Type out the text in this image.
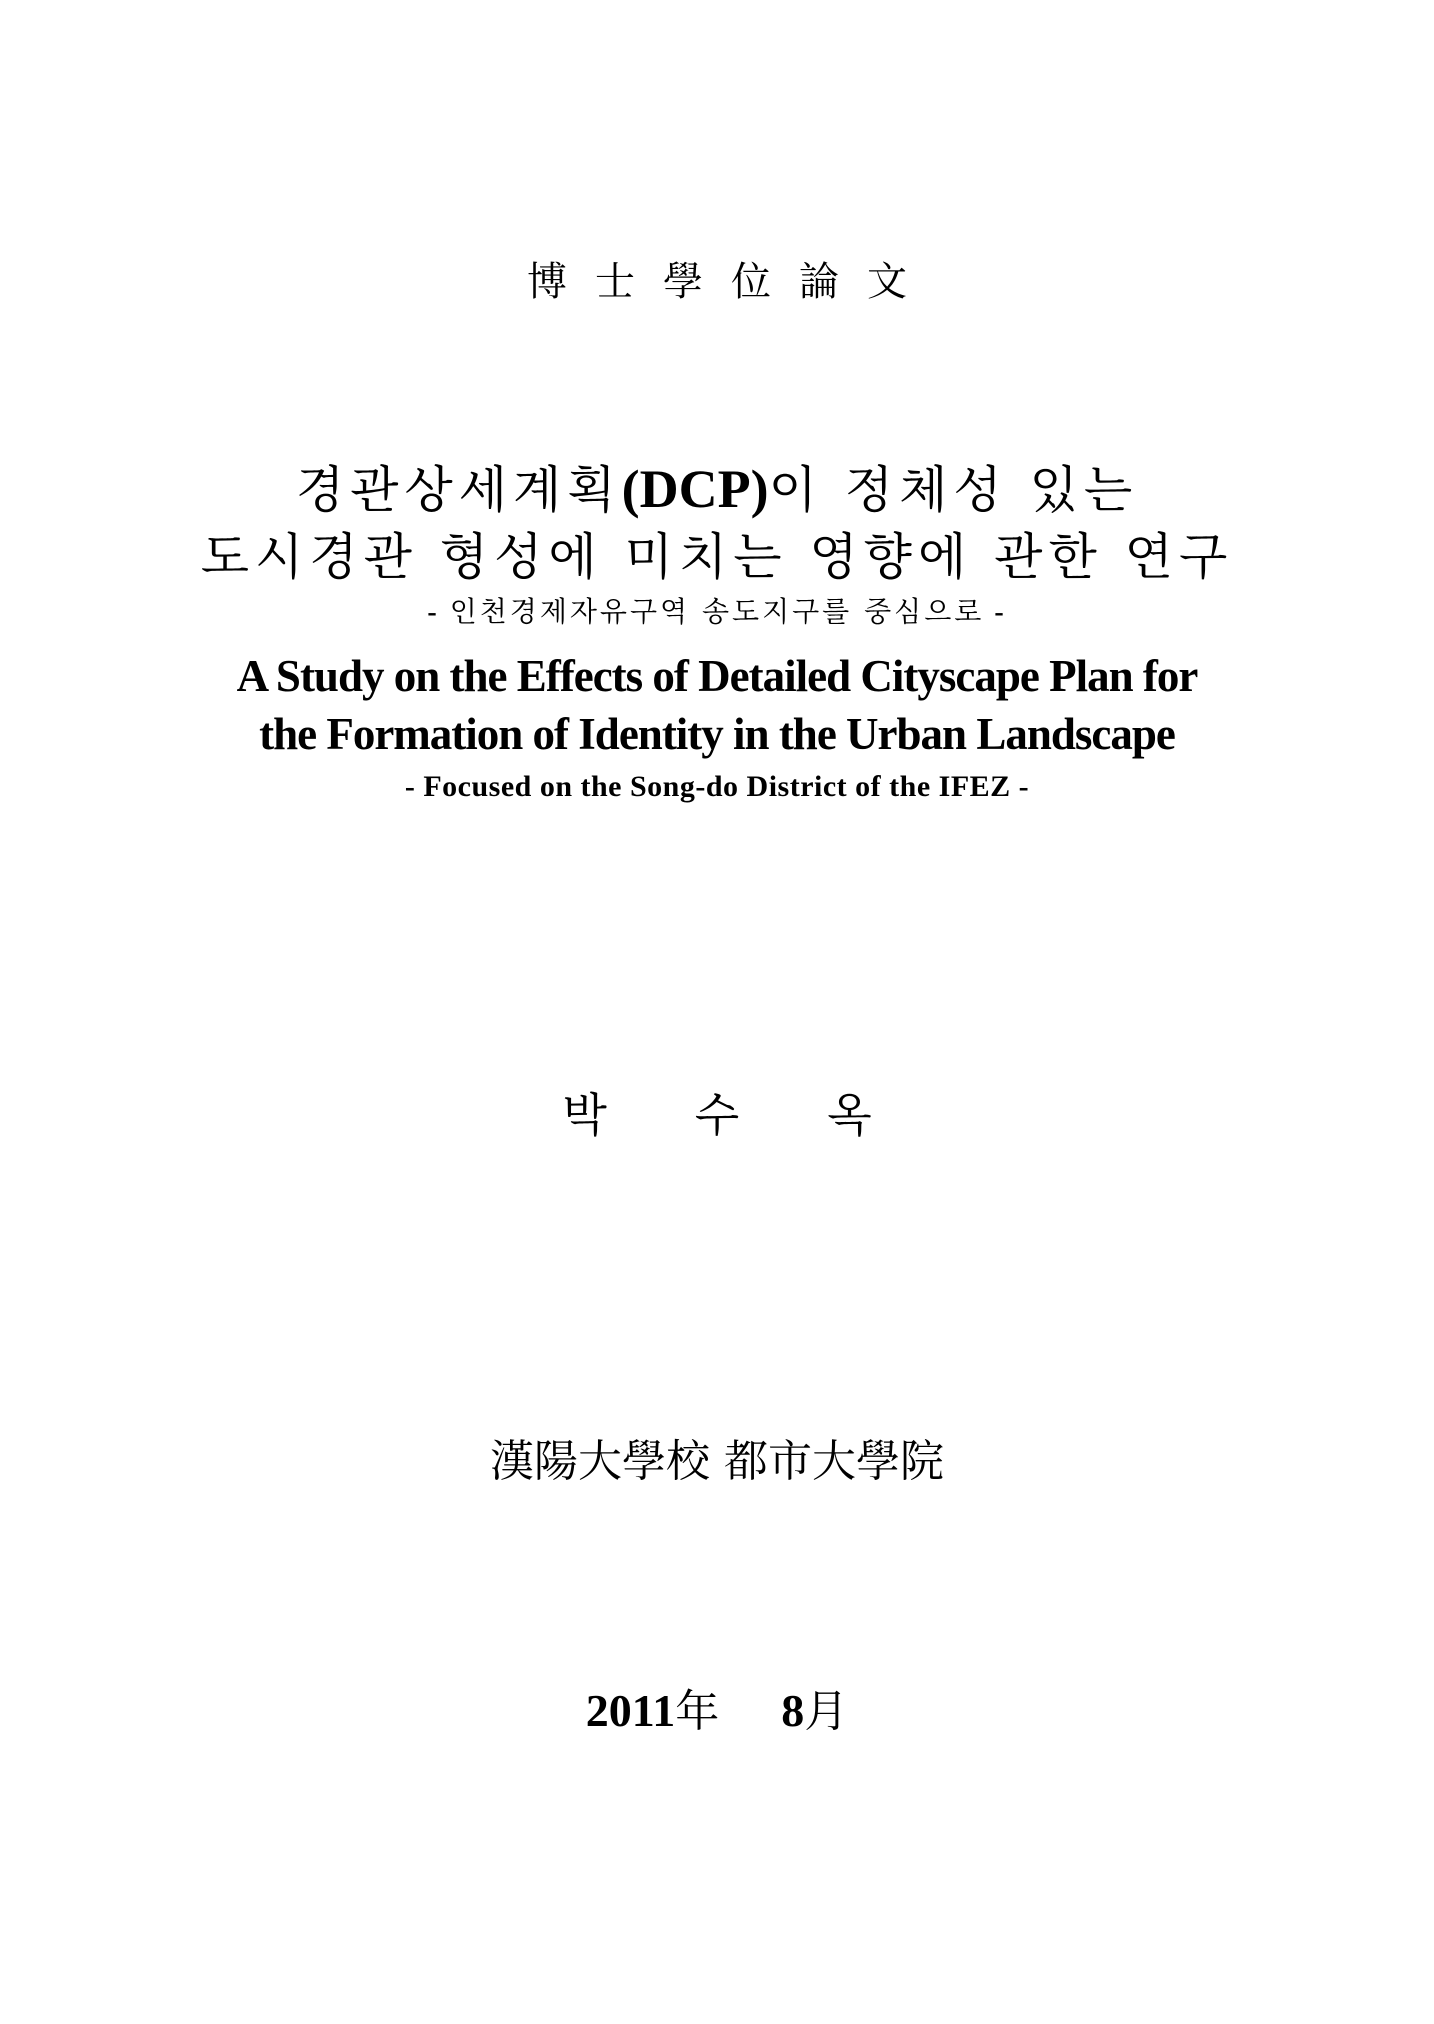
博士學位論文
경관상세계획(DCP)이 정체성 있는
도시경관 형성에 미치는 영향에 관한 연구
- 인천경제자유구역 송도지구를 중심으로 -
A Study on the Effects of Detailed Cityscape Plan for
the Formation of Identity in the Urban Landscape
- Focused on the Song-do District of the IFEZ -
박 수 옥
漢陽大學校 都市大學院
2011年 8月
